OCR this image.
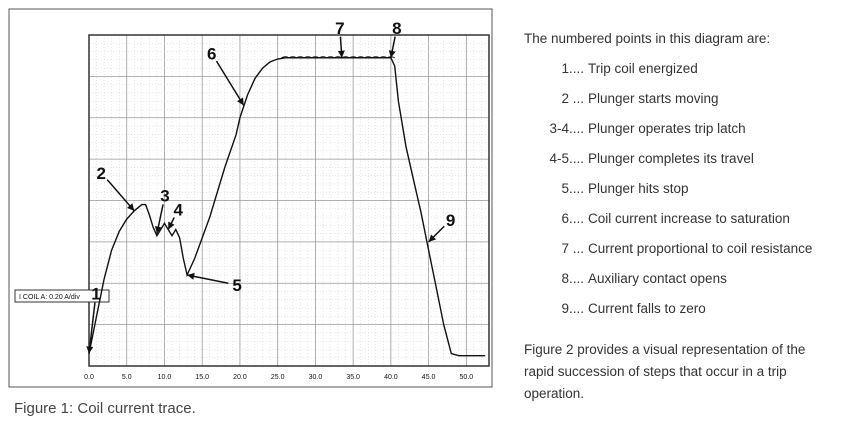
0.0	5.0	10.0	15.0	20.0	25.0	30.0	35.0	40.0	45.0	50.0
I COIL A: 0.20 A/div 1
2
3
4
5
6
7	8
9
Figure 1: Coil current trace.
The numbered points in this diagram are:
1.... Trip coil energized
2 ... Plunger starts moving
3-4.... Plunger operates trip latch
4-5.... Plunger completes its travel
5.... Plunger hits stop
6.... Coil current increase to saturation
7 ... Current proportional to coil resistance
8.... Auxiliary contact opens
9.... Current falls to zero
Figure 2 provides a visual representation of the rapid succession of steps that occur in a trip operation.
